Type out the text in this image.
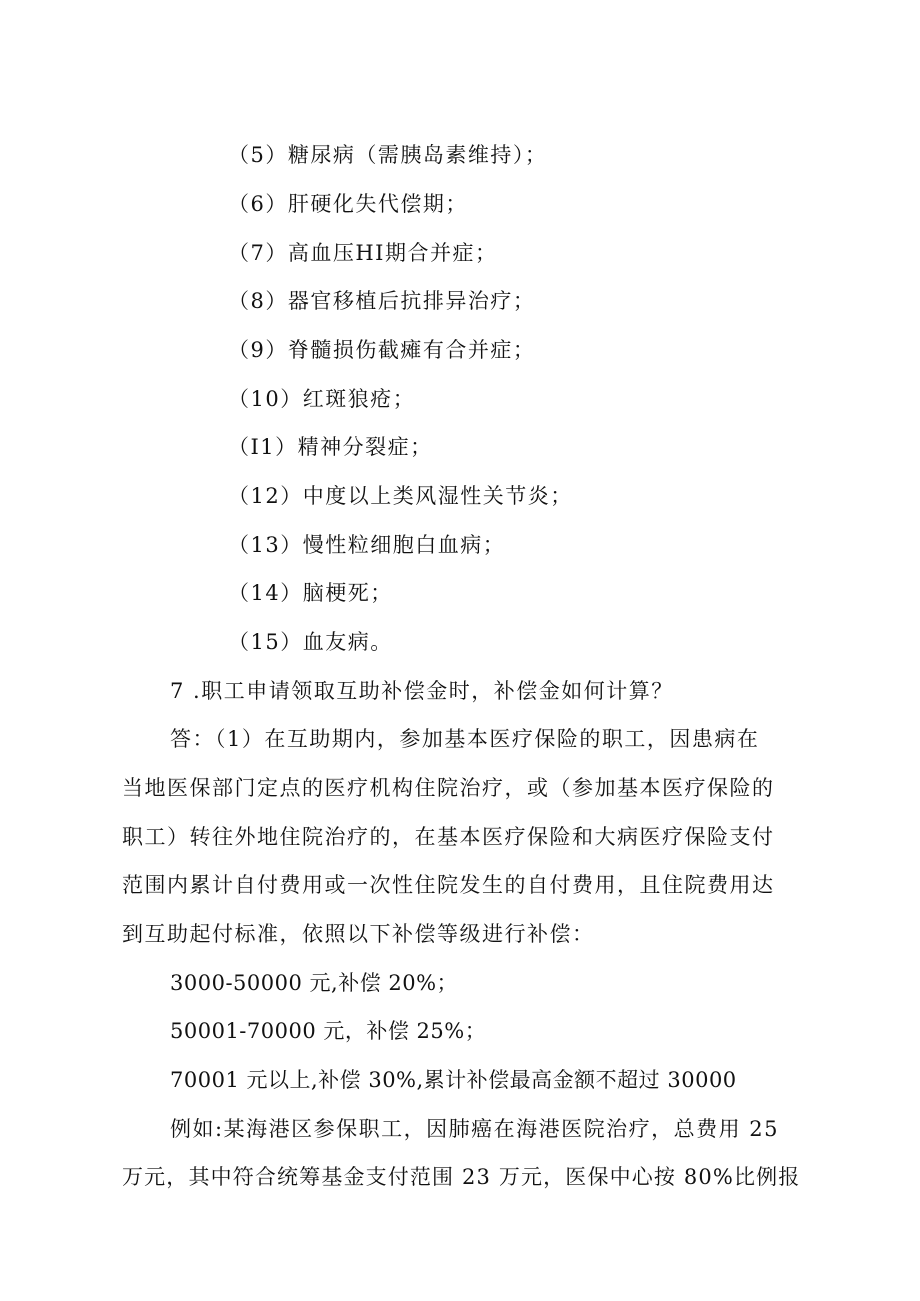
（5）糖尿病（需胰岛素维持）；
（6）肝硬化失代偿期；
（7）高血压HI期合并症；
（8）器官移植后抗排异治疗；
（9）脊髓损伤截瘫有合并症；
（10）红斑狼疮；
（I1）精神分裂症；
（12）中度以上类风湿性关节炎；
（13）慢性粒细胞白血病；
（14）脑梗死；
（15）血友病。
7 .职工申请领取互助补偿金时，补偿金如何计算？
答：（1）在互助期内，参加基本医疗保险的职工，因患病在
当地医保部门定点的医疗机构住院治疗，或（参加基本医疗保险的
职工）转往外地住院治疗的，在基本医疗保险和大病医疗保险支付
范围内累计自付费用或一次性住院发生的自付费用，且住院费用达
到互助起付标准，依照以下补偿等级进行补偿：
3000-50000 元,补偿 20%；
50001-70000 元，补偿 25%；
70001 元以上,补偿 30%,累计补偿最高金额不超过 30000
例如:某海港区参保职工，因肺癌在海港医院治疗，总费用 25
万元，其中符合统筹基金支付范围 23 万元，医保中心按 80%比例报
